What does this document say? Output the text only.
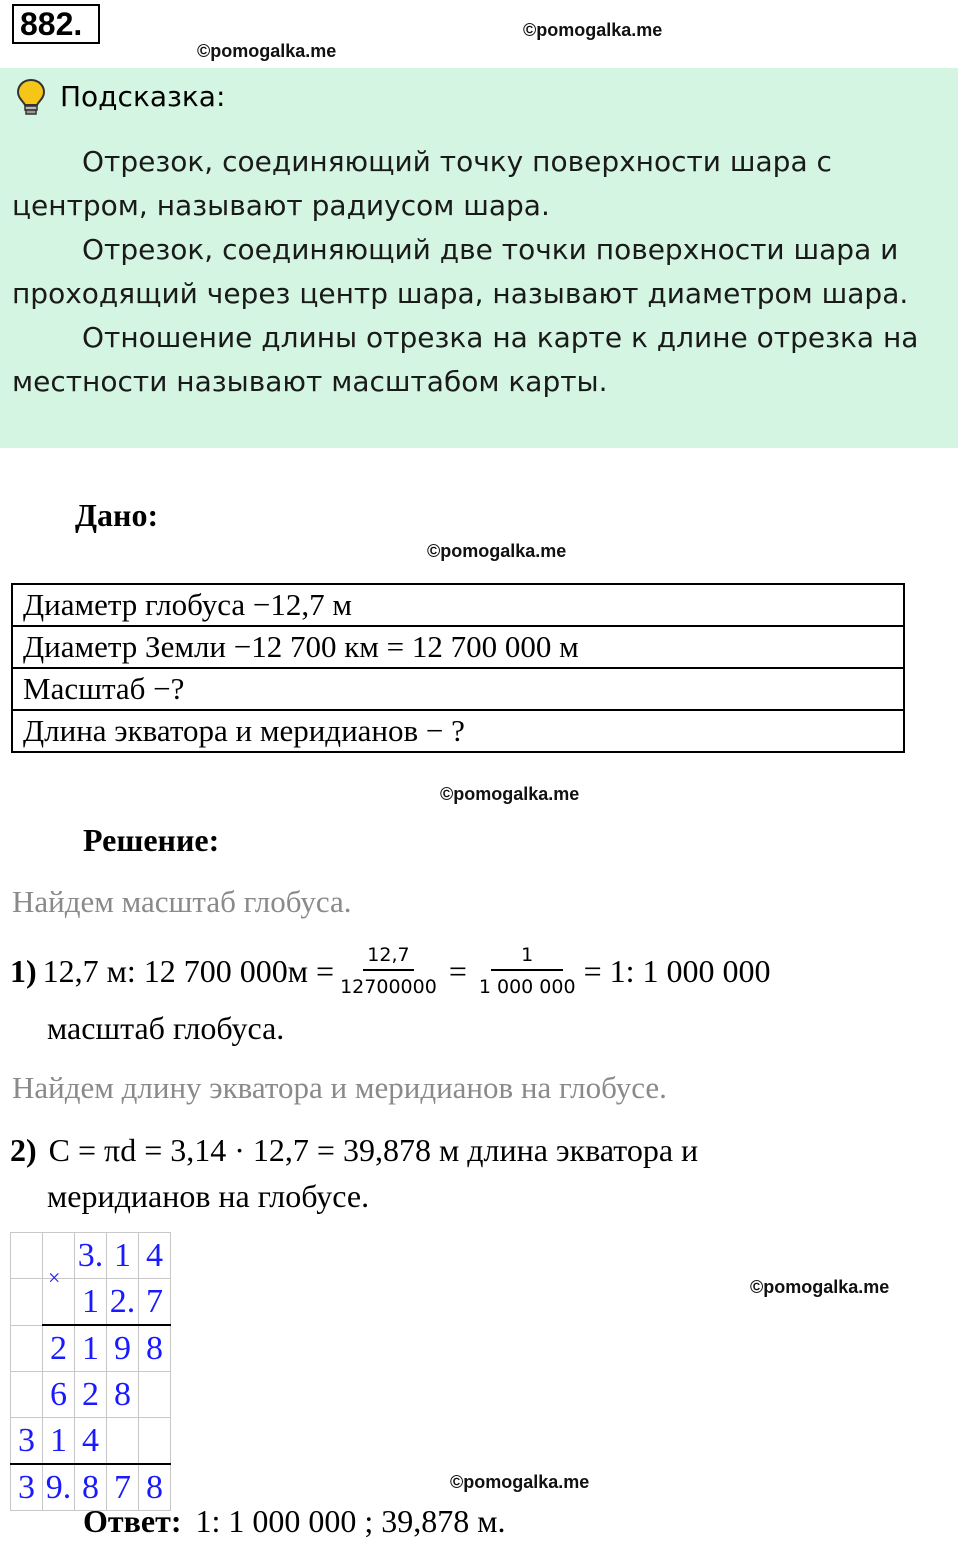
882.
©pomogalka.me
©pomogalka.me
Подсказка:

Отрезок, соединяющий точку поверхности шара с центром, называют радиусом шара.

Отрезок, соединяющий две точки поверхности шара и проходящий через центр шара, называют диаметром шара.

Отношение длины отрезка на карте к длине отрезка на местности называют масштабом карты.

Дано:
©pomogalka.me
Диаметр глобуса −12,7 м
Диаметр Земли −12 700 км = 12 700 000 м
Масштаб −?
Длина экватора и меридианов − ?
©pomogalka.me
Решение:
Найдем масштаб глобуса.
1) 12,7 м: 12 700 $000м = \frac{12,7}{12700000} = \frac{1}{1 000 000} = 1$: 1 000 000
масштаб глобуса.
Найдем длину экватора и меридианов на глобусе.
2) C = πd = 3,14 · 12,7 = 39,878 м длина экватора и
меридианов на глобусе.
		3.	1	4
		1	2.	7
	2	1	9	8
	6	2	8	
3	1	4		
3	9.	8	7	8
×	©pomogalka.me
©pomogalka.me
Ответ: 1: 1 000 000 ; 39,878 м.
